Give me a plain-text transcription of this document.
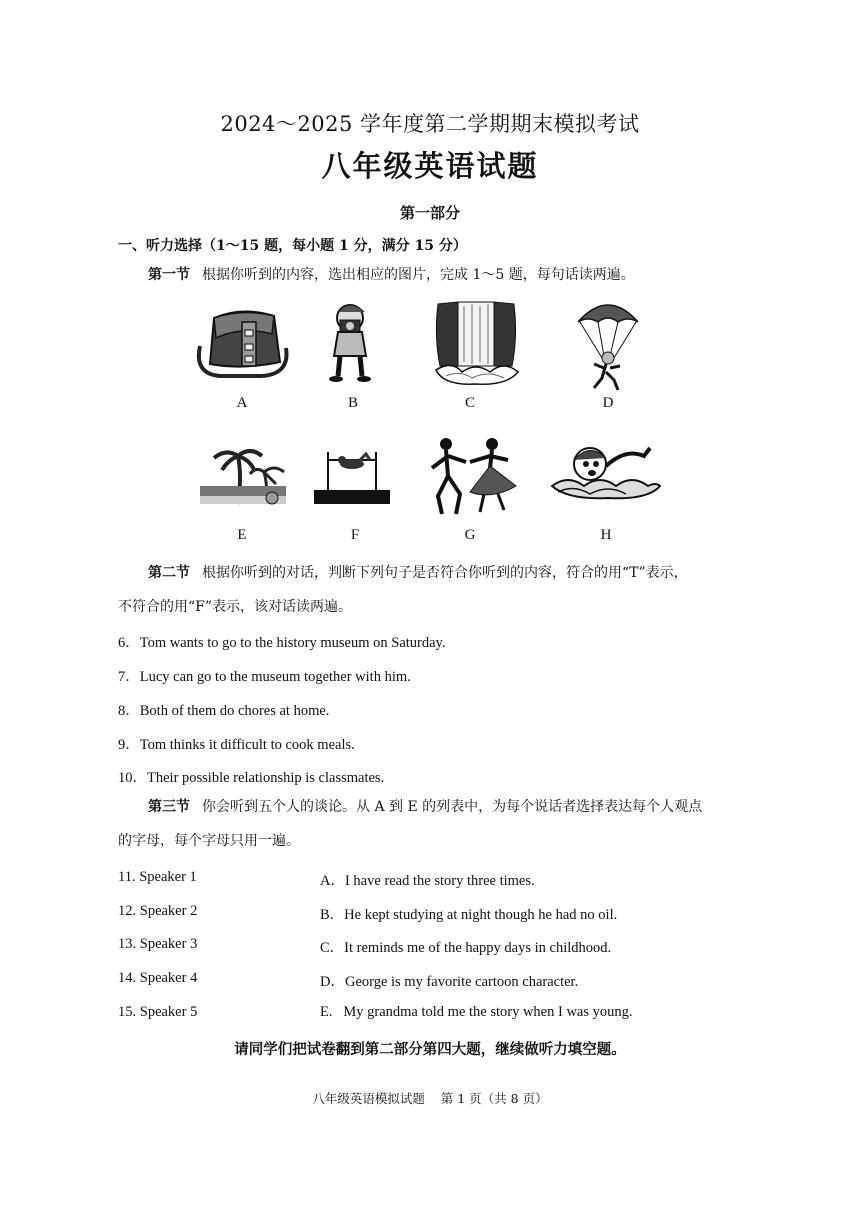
2024～2025 学年度第二学期期末模拟考试
八年级英语试题
第一部分
一、听力选择（1～15 题，每小题 1 分，满分 15 分）
第一节 根据你听到的内容，选出相应的图片，完成 1～5 题，每句话读两遍。
A	B	C	D
E	F	G	H
第二节 根据你听到的对话，判断下列句子是否符合你听到的内容，符合的用“T”表示，
不符合的用“F”表示，该对话读两遍。
6．Tom wants to go to the history museum on Saturday.
7．Lucy can go to the museum together with him.
8．Both of them do chores at home.
9．Tom thinks it difficult to cook meals.
10．Their possible relationship is classmates.
第三节 你会听到五个人的谈论。从 A 到 E 的列表中，为每个说话者选择表达每个人观点
的字母，每个字母只用一遍。
11. Speaker 1
12. Speaker 2
13. Speaker 3
14. Speaker 4
15. Speaker 5
A．I have read the story three times.
B．He kept studying at night though he had no oil.
C．It reminds me of the happy days in childhood.
D．George is my favorite cartoon character.
E.   My grandma told me the story when I was young.
请同学们把试卷翻到第二部分第四大题，继续做听力填空题。
八年级英语模拟试题    第 1 页（共 8 页）
